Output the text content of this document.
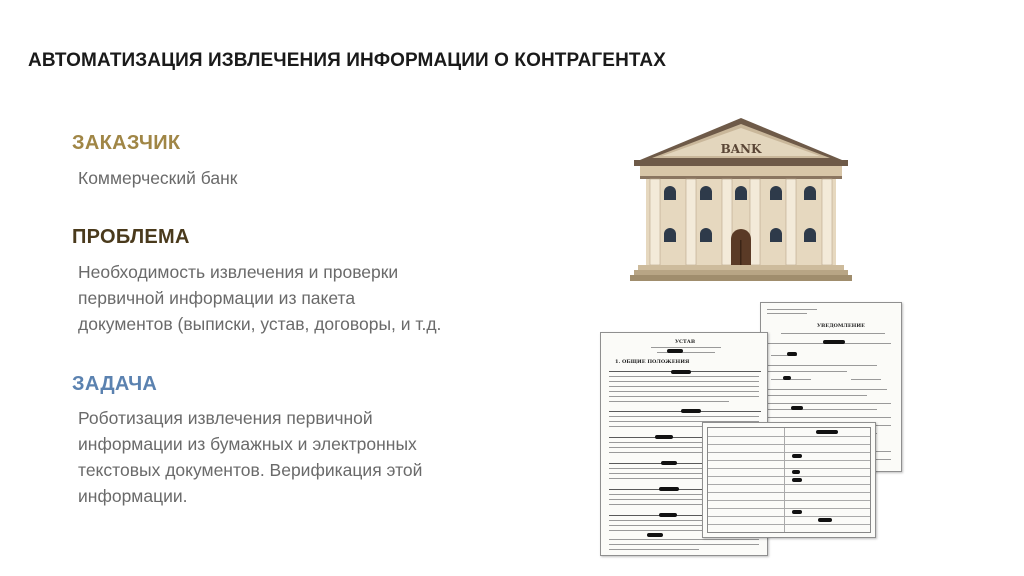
АВТОМАТИЗАЦИЯ ИЗВЛЕЧЕНИЯ ИНФОРМАЦИИ О КОНТРАГЕНТАХ
ЗАКАЗЧИК
Коммерческий банк
ПРОБЛЕМА
Необходимость извлечения и проверки
первичной информации из пакета
документов (выписки, устав, договоры, и т.д.
ЗАДАЧА
Роботизация извлечения первичной
информации из бумажных и электронных
текстовых документов. Верификация этой
информации.
BANK
УВЕДОМЛЕНИЕ
УСТАВ
1. ОБЩИЕ ПОЛОЖЕНИЯ
